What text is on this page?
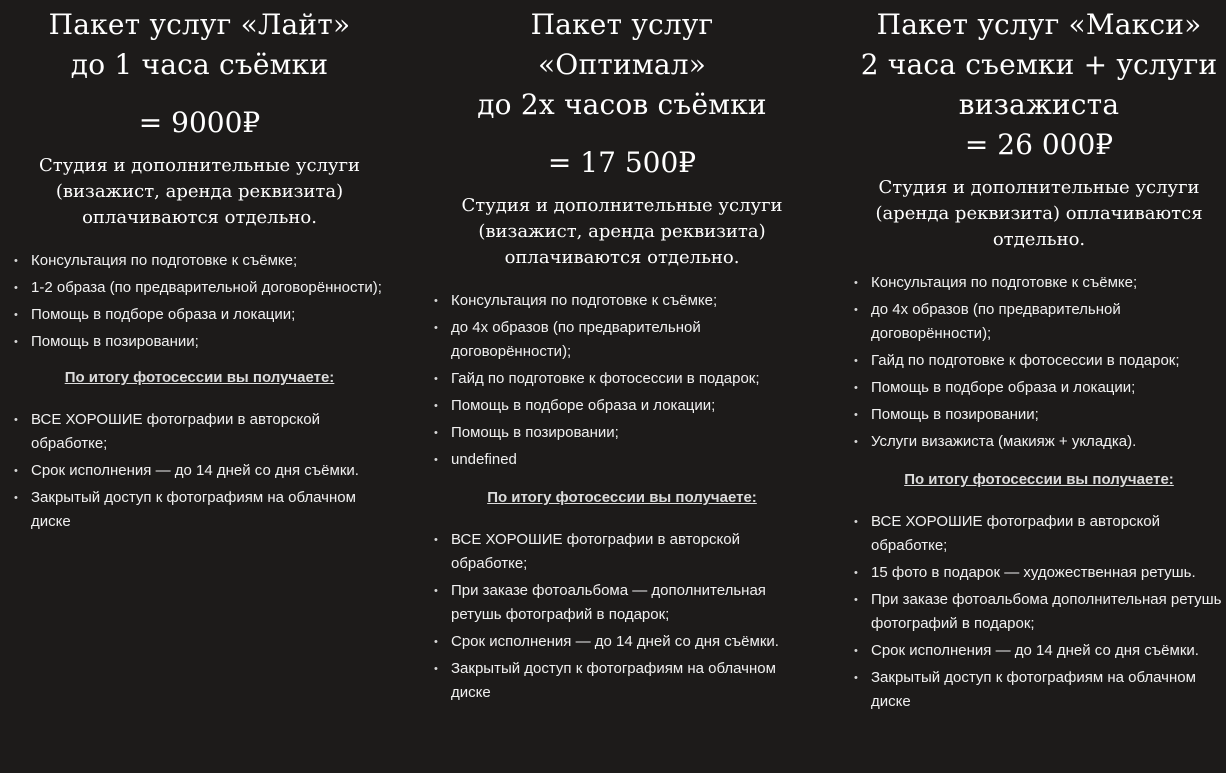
Пакет услуг «Лайт»
до 1 часа съёмки
= 9000₽
Студия и дополнительные услуги
(визажист, аренда реквизита)
оплачиваются отдельно.
• Консультация по подготовке к съёмке;
• 1-2 образа (по предварительной договорённости);
• Помощь в подборе образа и локации;
• Помощь в позировании;
По итогу фотосессии вы получаете:
• ВСЕ ХОРОШИЕ фотографии в авторской обработке;
• Срок исполнения — до 14 дней со дня съёмки.
• Закрытый доступ к фотографиям на облачном диске
Пакет услуг
«Оптимал»
до 2х часов съёмки
= 17 500₽
Студия и дополнительные услуги
(визажист, аренда реквизита)
оплачиваются отдельно.
• Консультация по подготовке к съёмке;
• до 4х образов (по предварительной договорённости);
• Гайд по подготовке к фотосессии в подарок;
• Помощь в подборе образа и локации;
• Помощь в позировании;
• undefined
По итогу фотосессии вы получаете:
• ВСЕ ХОРОШИЕ фотографии в авторской обработке;
• При заказе фотоальбома — дополнительная ретушь фотографий в подарок;
• Срок исполнения — до 14 дней со дня съёмки.
• Закрытый доступ к фотографиям на облачном диске
Пакет услуг «Макси»
2 часа съемки + услуги
визажиста
= 26 000₽
Студия и дополнительные услуги
(аренда реквизита) оплачиваются
отдельно.
• Консультация по подготовке к съёмке;
• до 4х образов (по предварительной договорённости);
• Гайд по подготовке к фотосессии в подарок;
• Помощь в подборе образа и локации;
• Помощь в позировании;
• Услуги визажиста (макияж + укладка).
По итогу фотосессии вы получаете:
• ВСЕ ХОРОШИЕ фотографии в авторской обработке;
• 15 фото в подарок — художественная ретушь.
• При заказе фотоальбома дополнительная ретушь фотографий в подарок;
• Срок исполнения — до 14 дней со дня съёмки.
• Закрытый доступ к фотографиям на облачном диске
